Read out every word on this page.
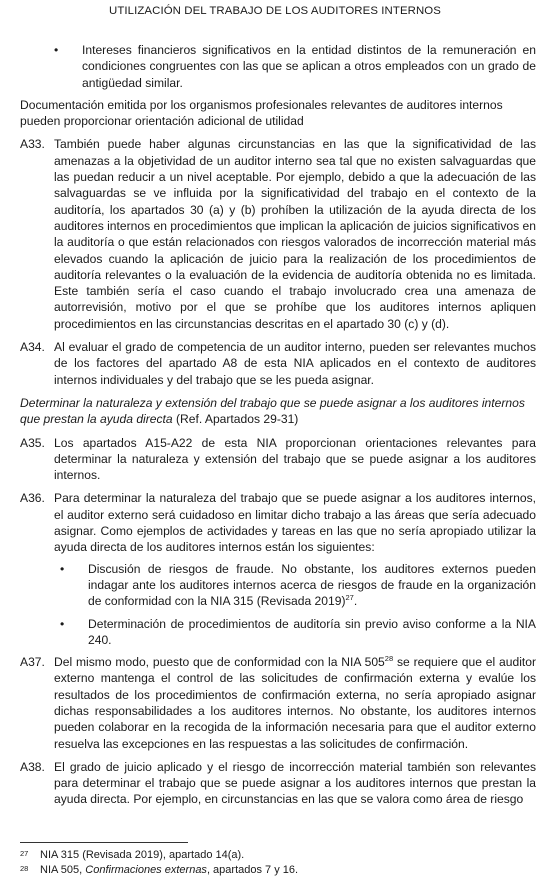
UTILIZACIÓN DEL TRABAJO DE LOS AUDITORES INTERNOS
•	Intereses financieros significativos en la entidad distintos de la remuneración en condiciones congruentes con las que se aplican a otros empleados con un grado de antigüedad similar.
Documentación emitida por los organismos profesionales relevantes de auditores internos pueden proporcionar orientación adicional de utilidad
A33. También puede haber algunas circunstancias en las que la significatividad de las amenazas a la objetividad de un auditor interno sea tal que no existen salvaguardas que las puedan reducir a un nivel aceptable. Por ejemplo, debido a que la adecuación de las salvaguardas se ve influida por la significatividad del trabajo en el contexto de la auditoría, los apartados 30 (a) y (b) prohíben la utilización de la ayuda directa de los auditores internos en procedimientos que implican la aplicación de juicios significativos en la auditoría o que están relacionados con riesgos valorados de incorrección material más elevados cuando la aplicación de juicio para la realización de los procedimientos de auditoría relevantes o la evaluación de la evidencia de auditoría obtenida no es limitada. Este también sería el caso cuando el trabajo involucrado crea una amenaza de autorrevisión, motivo por el que se prohíbe que los auditores internos apliquen procedimientos en las circunstancias descritas en el apartado 30 (c) y (d).
A34. Al evaluar el grado de competencia de un auditor interno, pueden ser relevantes muchos de los factores del apartado A8 de esta NIA aplicados en el contexto de auditores internos individuales y del trabajo que se les pueda asignar.
Determinar la naturaleza y extensión del trabajo que se puede asignar a los auditores internos que prestan la ayuda directa (Ref. Apartados 29-31)
A35. Los apartados A15-A22 de esta NIA proporcionan orientaciones relevantes para determinar la naturaleza y extensión del trabajo que se puede asignar a los auditores internos.
A36. Para determinar la naturaleza del trabajo que se puede asignar a los auditores internos, el auditor externo será cuidadoso en limitar dicho trabajo a las áreas que sería adecuado asignar. Como ejemplos de actividades y tareas en las que no sería apropiado utilizar la ayuda directa de los auditores internos están los siguientes:
•	Discusión de riesgos de fraude. No obstante, los auditores externos pueden indagar ante los auditores internos acerca de riesgos de fraude en la organización de conformidad con la NIA 315 (Revisada 2019)$^{27}$.
•	Determinación de procedimientos de auditoría sin previo aviso conforme a la NIA 240.
A37. Del mismo modo, puesto que de conformidad con la NIA $505^{28}$ se requiere que el auditor externo mantenga el control de las solicitudes de confirmación externa y evalúe los resultados de los procedimientos de confirmación externa, no sería apropiado asignar dichas responsabilidades a los auditores internos. No obstante, los auditores internos pueden colaborar en la recogida de la información necesaria para que el auditor externo resuelva las excepciones en las respuestas a las solicitudes de confirmación.
A38. El grado de juicio aplicado y el riesgo de incorrección material también son relevantes para determinar el trabajo que se puede asignar a los auditores internos que prestan la ayuda directa. Por ejemplo, en circunstancias en las que se valora como área de riesgo
27	NIA 315 (Revisada 2019), apartado 14(a).
28	NIA 505, Confirmaciones externas, apartados 7 y 16.
